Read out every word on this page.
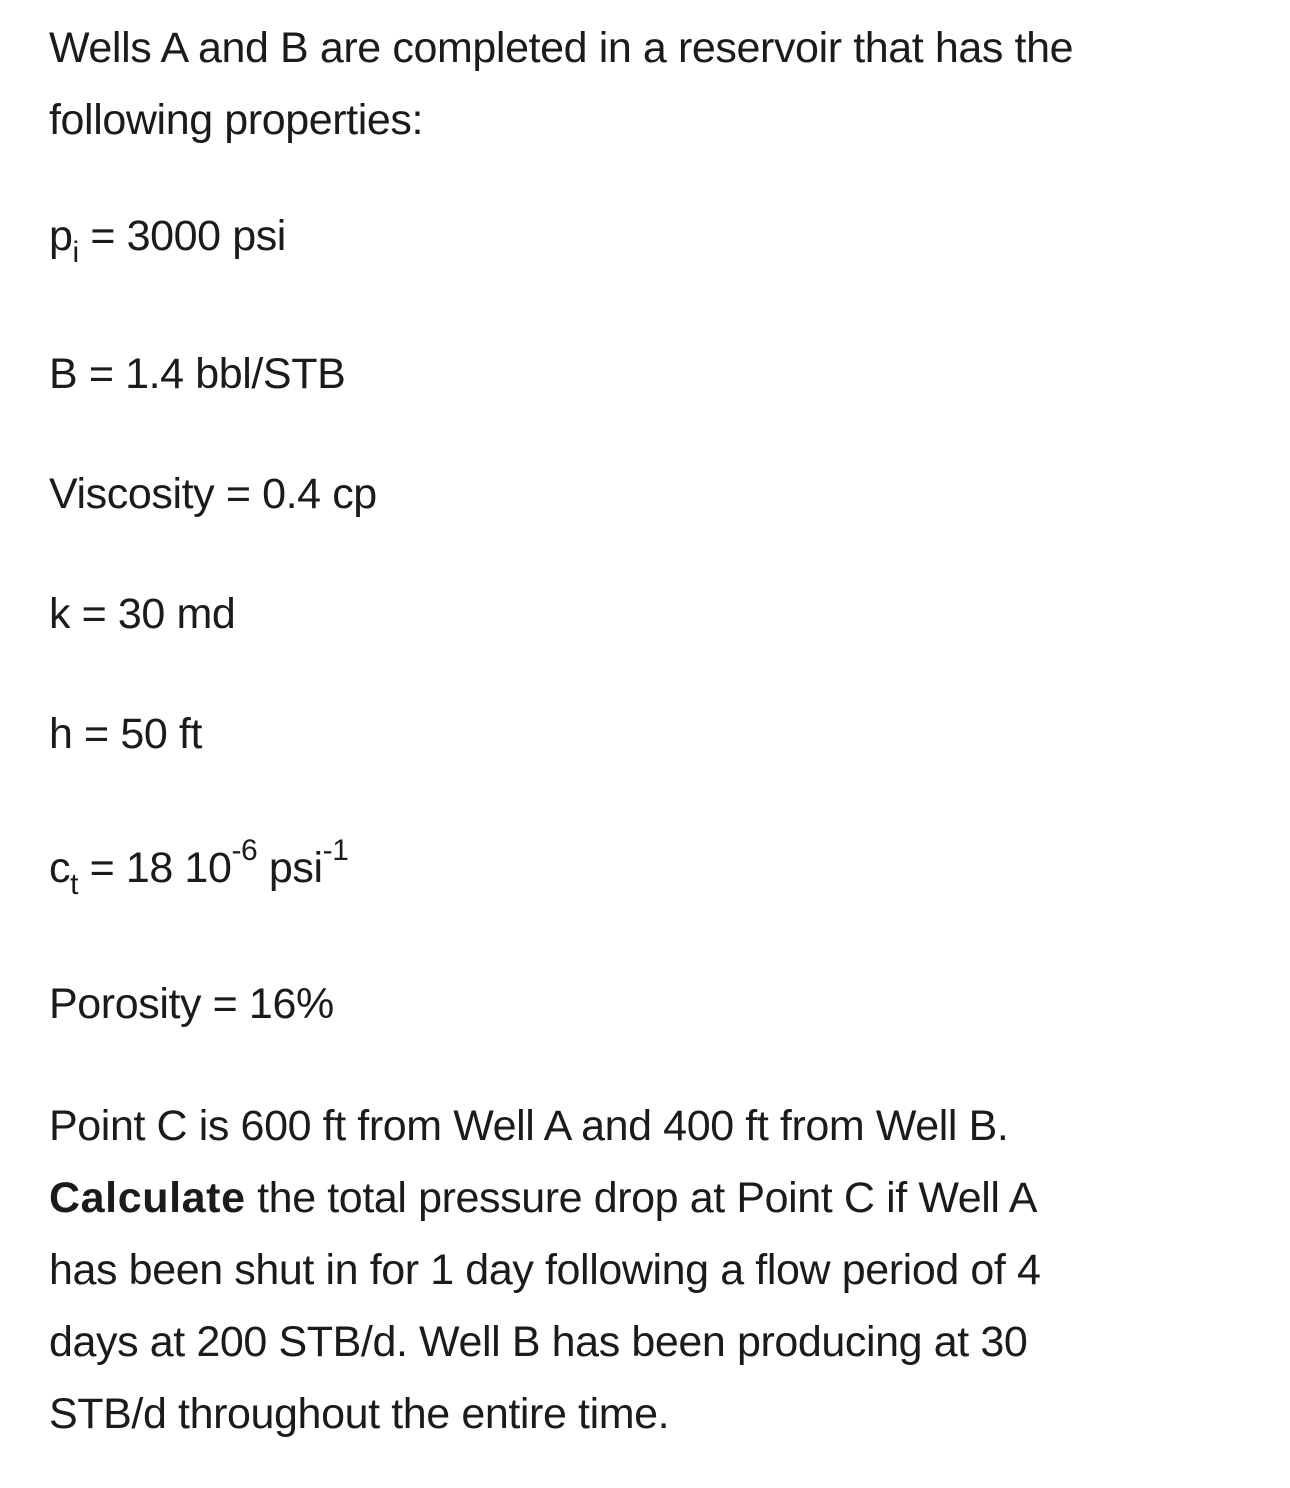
Wells A and B are completed in a reservoir that has the
following properties:
$p_i = 3000$ psi
B = 1.4 bbl/STB
Viscosity = 0.4 cp
k = 30 md
h = 50 ft
$c_t = 18$ $10^{-6}$ psi$^{-1}$
Porosity = 16%
Point C is 600 ft from Well A and 400 ft from Well B.
Calculate the total pressure drop at Point C if Well A
has been shut in for 1 day following a flow period of 4
days at 200 STB/d. Well B has been producing at 30
STB/d throughout the entire time.
